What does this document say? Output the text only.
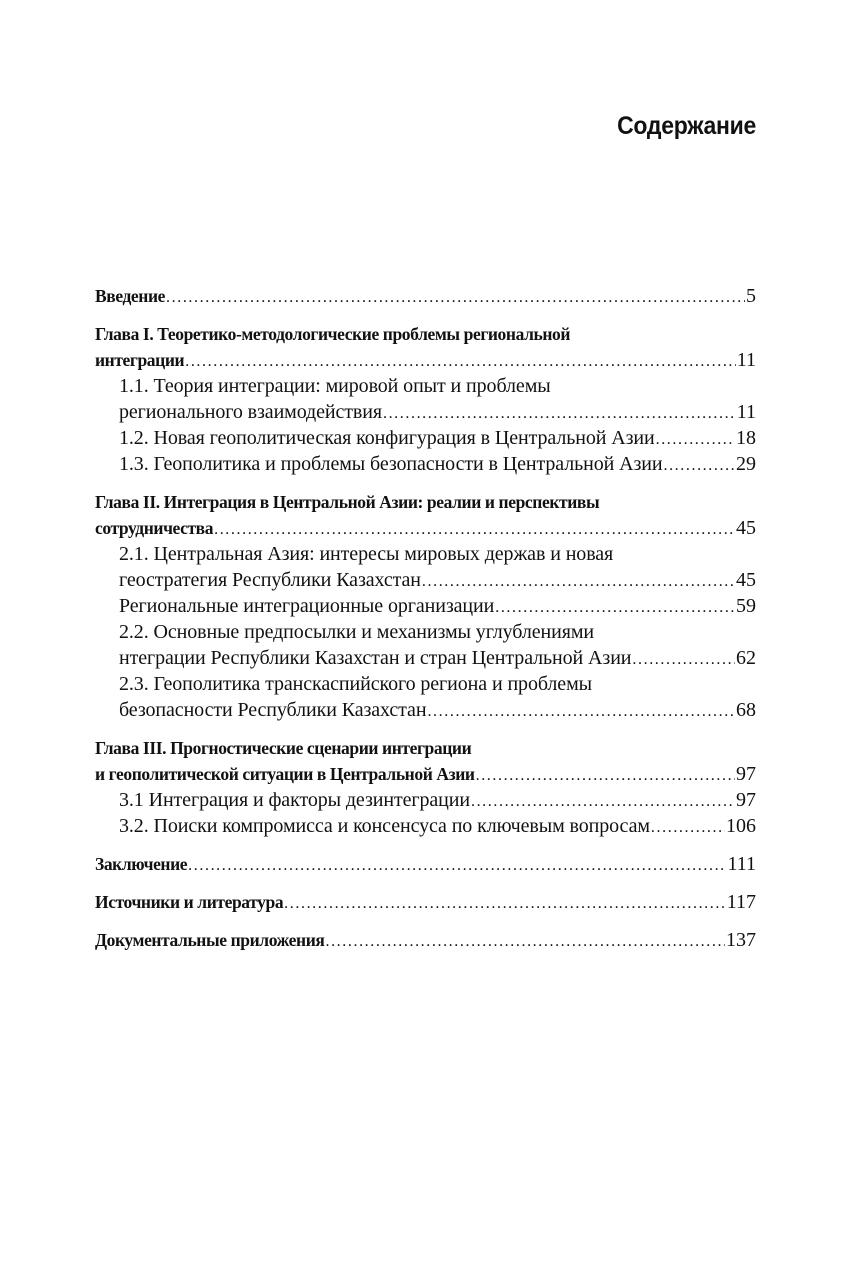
Содержание
Введение . . .	5
Глава I. Теоретико-методологические проблемы региональной
интеграции . . .	11
1.1. Теория интеграции: мировой опыт и проблемы
регионального взаимодействия . . .	11
1.2. Новая геополитическая конфигурация в Центральной Азии . . .	18
1.3. Геополитика и проблемы безопасности в Центральной Азии . . .	29
Глава II. Интеграция в Центральной Азии: реалии и перспективы
сотрудничества . . .	45
2.1. Центральная Азия: интересы мировых держав и новая
геостратегия Республики Казахстан . . .	45
Региональные интеграционные организации . . .	59
2.2. Основные предпосылки и механизмы углублениями
нтеграции Республики Казахстан и стран Центральной Азии . . .	62
2.3. Геополитика транскаспийского региона и проблемы
безопасности Республики Казахстан . . .	68
Глава III. Прогностические сценарии интеграции
и геополитической ситуации в Центральной Азии . . .	97
3.1 Интеграция и факторы дезинтеграции . . .	97
3.2. Поиски компромисса и консенсуса по ключевым вопросам . . .	106
Заключение . . .	111
Источники и литература . . .	117
Документальные приложения . . .	137
